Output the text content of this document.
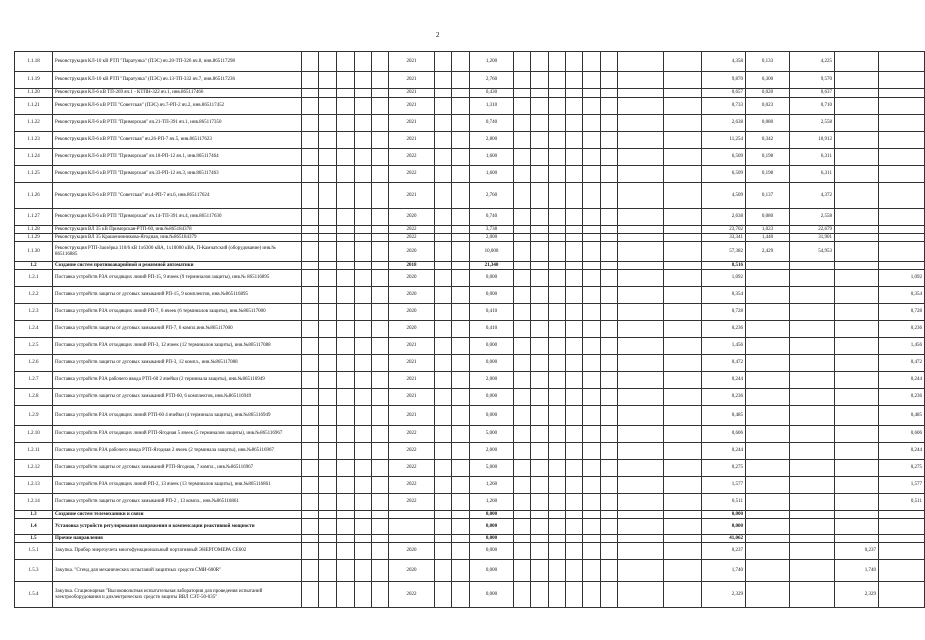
2
1.1.18	Реконструкция КЛ-10 кВ РТП "Паратунка" (ПЭС) яч.20-ТП-326 яч.8, инв.865117298						2021			1,200									4,358	0,133	4,225		
1.1.19	Реконструкция КЛ-10 кВ РТП "Паратунка" (ПЭС) яч.13-ТП-332 яч.7, инв.865117236						2021			2,760									9,870	0,300	9,570		
1.1.20	Реконструкция КЛ-6 кВ ТП-269 яч.1 - КТПН-322 яч.1, инв.865117466						2021			0,430									0,657	0,020	0,637		
1.1.21	Реконструкция КЛ-6 кВ РТП "Советская" (ПЭС) яч.7-РП-2 яч.2, инв.865117452						2021			1,310									0,733	0,023	0,710		
1.1.22	Реконструкция КЛ-6 кВ РТП "Приморская" яч.21-ТП-391 яч.1, инв.865117350						2021			0,740									2,638	0,080	2,558		
1.1.23	Реконструкция КЛ-6 кВ РТП "Советская" яч.26-РП-7 яч.5, инв.865117623						2021			2,800									11,254	0,342	10,912		
1.1.24	Реконструкция КЛ-6 кВ РТП "Приморская" яч.18-РП-12 яч.1, инв.865117464						2022			1,600									6,509	0,198	6,311		
1.1.25	Реконструкция КЛ-6 кВ РТП "Приморская" яч.33-РП-12 яч.3, инв.865117463						2022			1,600									6,509	0,198	6,311		
1.1.26	Реконструкция КЛ-6 кВ РТП "Советская" яч.4-РП-7 яч.6, инв.865117624						2021			2,760									4,509	0,137	4,372		
1.1.27	Реконструкция КЛ-6 кВ РТП "Приморская" яч.14-ТП-391 яч.4, инв.865117630						2020			0,740									2,638	0,080	2,558		
1.1.28	Реконструкция ВЛ 35 кВ Приморская-РТП-60, инв.№865184378						2022			3,738									23,702	1,023	22,679		
1.1.29	Реконструкция ВЛ 35 Крашенинникова-Ягодная, инв.№865184379						2022			2,000									33,341	1,440	31,901		
1.1.30	Реконструкция РТП-Заозёрка 110/6 кВ 1х6300 кВА, 1х10000 кВА, П-Камчатский (оборудование) инв.№ 865116885						2020			10,000									57,382	2,429	54,953		
1.2	Создание систем противоаварийной и режимной автоматики						2018			21,340									8,516				
1.2.1	Поставка устройств РЗА отходящих линий РП-15, 9 ячеек (9 терминалов защиты), инв.№ 865116895						2020			0,000									1,092				1,092
1.2.2	Поставка устройств защиты от дуговых замыканий РП-15, 9 комплектов, инв.№865116895						2020			0,000									0,354				0,354
1.2.3	Поставка устройств РЗА отходящих линий РП-7, 6 ячеек (6 терминалов защиты), инв.№865117000						2020			0,410									0,728				0,728
1.2.4	Поставка устройств защиты от дуговых замыканий РП-7, 6 компл.инв.№865117000						2020			0,410									0,236				0,236
1.2.5	Поставка устройств РЗА отходящих линий РП-3, 12 ячеек (12 терминалов защиты), инв.№865117088						2021			0,000									1,456				1,456
1.2.6	Поставка устройств защиты от дуговых замыканий РП-3, 12 компл., инв.№865117088						2021			0,000									0,472				0,472
1.2.7	Поставка устройств РЗА рабочего ввода РТП-60 2 ячейки (2 терминала защиты), инв.№865116949						2021			2,000									0,244				0,244
1.2.8	Поставка устройств защиты от дуговых замыканий РТП-60, 6 комплектов, инв.№865116949						2021			0,000									0,236				0,236
1.2.9	Поставка устройств РЗА отходящих линий РТП-60 4 ячейки (4 терминала защиты), инв.№865116949						2021			0,000									0,485				0,485
1.2.10	Поставка устройств РЗА отходящих линий РТП-Ягодная 5 ячеек (5 терминалов защиты), инв.№865116967						2022			5,000									0,606				0,606
1.2.11	Поставка устройств РЗА рабочего ввода РТП-Ягодная 2 ячеек (2 терминала защиты), инв.№865116967						2022			2,000									0,244				0,244
1.2.12	Поставка устройств защиты от дуговых замыканий РТП-Ягодная, 7 компл., инв.№865116967						2022			5,000									0,275				0,275
1.2.13	Поставка устройств РЗА отходящих линий РП-2, 13 ячеек (13 терминалов защиты), инв.№865116861						2022			1,260									1,577				1,577
1.2.14	Поставка устройств защиты от дуговых замыканий РП-2 , 13 компл., инв.№865116861						2022			1,260									0,511				0,511
1.3	Создание систем телемеханики и связи									0,000									0,000				
1.4	Установка устройств регулирования напряжения и компенсации реактивной мощности									0,000									0,000				
1.5	Прочие направления									0,000									41,062				
1.5.1	Закупка. Прибор энергоучета многофункциональный портативный ЭНЕРГОМЕРА СЕ602						2020			0,000									0,237			0,237	
1.5.3	Закупка. "Стенд для механических испытаний защитных средств СМИ-600R"						2020			0,000									1,740			1,740	
1.5.4	Закупка. Стационарная "Высоковольтная испытательная лаборатория для проведения испытаний электрооборудования и диэлектрических средств защиты ВВЛ СЭТ-50-035"						2022			0,000									2,329			2,329	
